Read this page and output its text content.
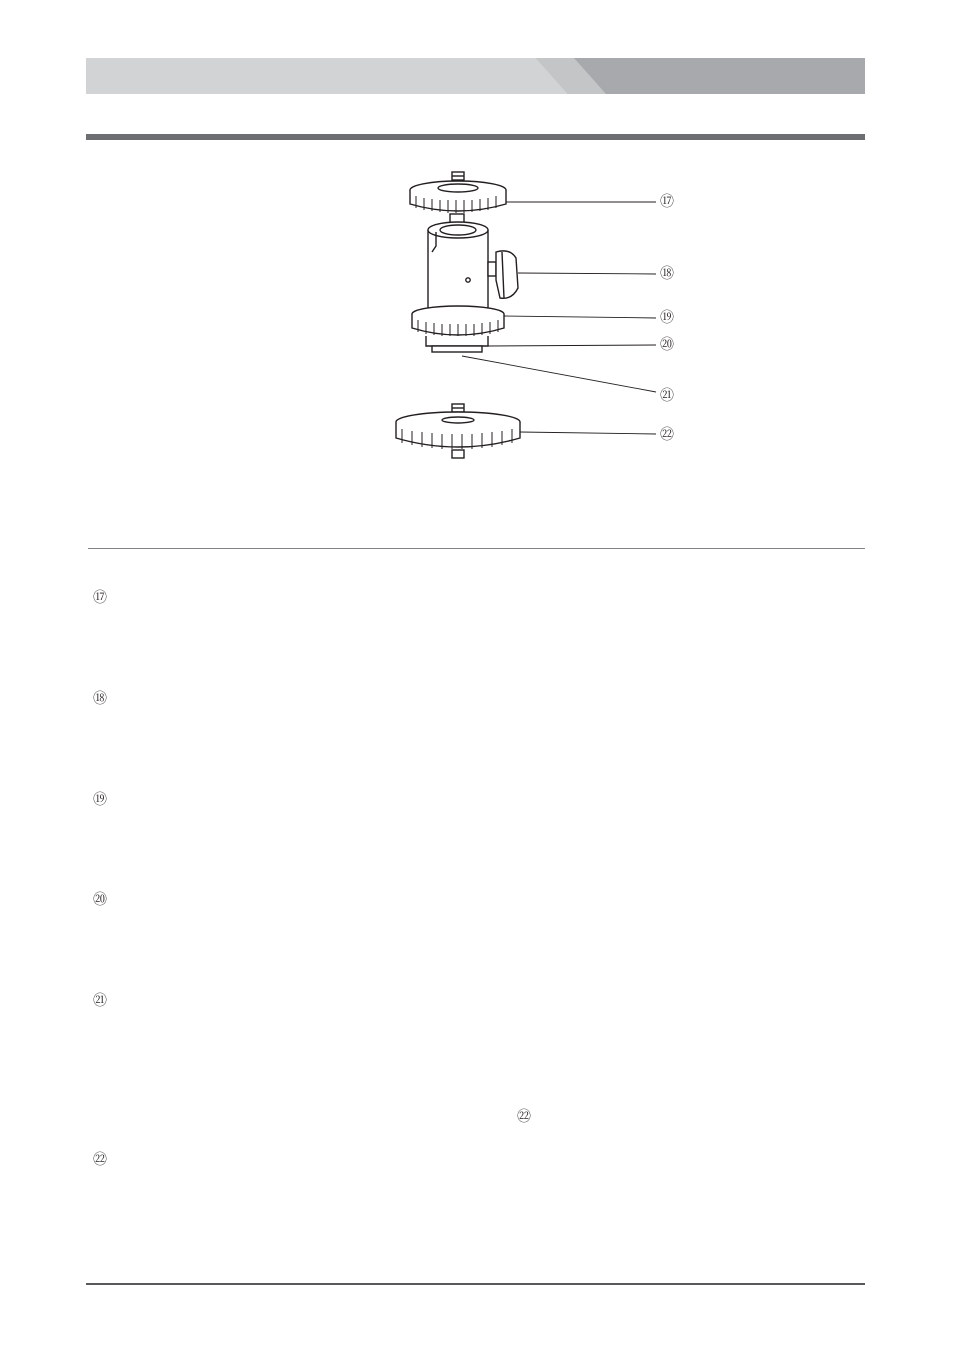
⑰
⑱
⑲
⑳
㉑
㉒
⑰
⑱
⑲
⑳
㉑
㉒
㉒
